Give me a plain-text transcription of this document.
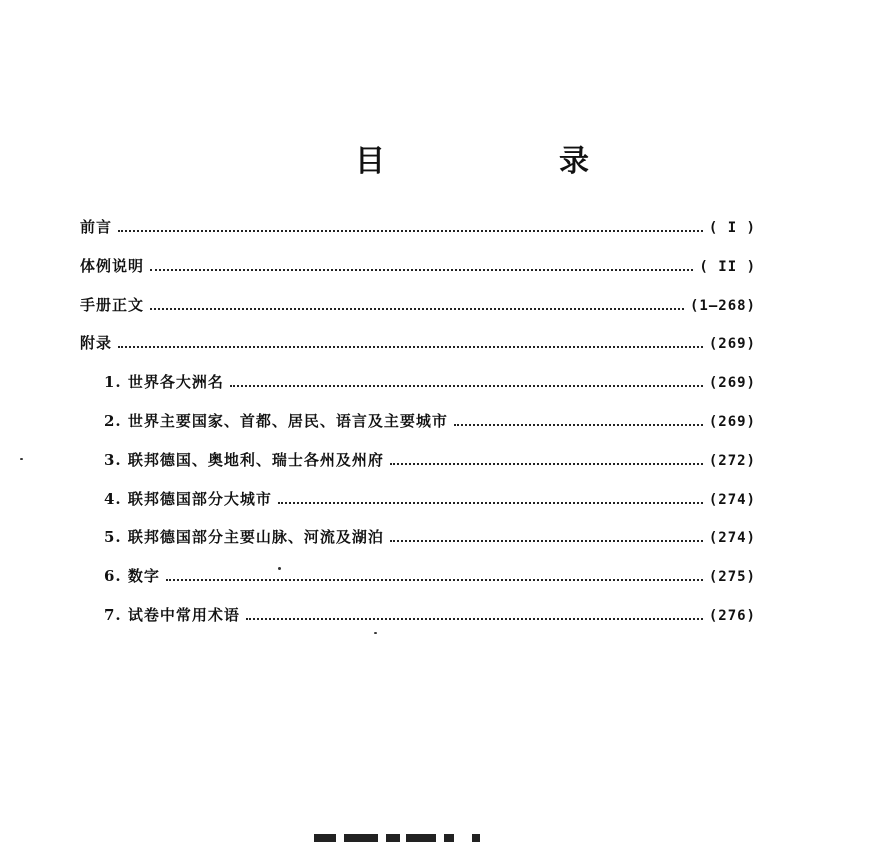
目　录
前言	( I )
体例说明	( II )
手册正文	(1—268)
附录	(269)
1. 世界各大洲名	(269)
2. 世界主要国家、首都、居民、语言及主要城市	(269)
3. 联邦德国、奥地利、瑞士各州及州府	(272)
4. 联邦德国部分大城市	(274)
5. 联邦德国部分主要山脉、河流及湖泊	(274)
6. 数字	(275)
7. 试卷中常用术语	(276)
